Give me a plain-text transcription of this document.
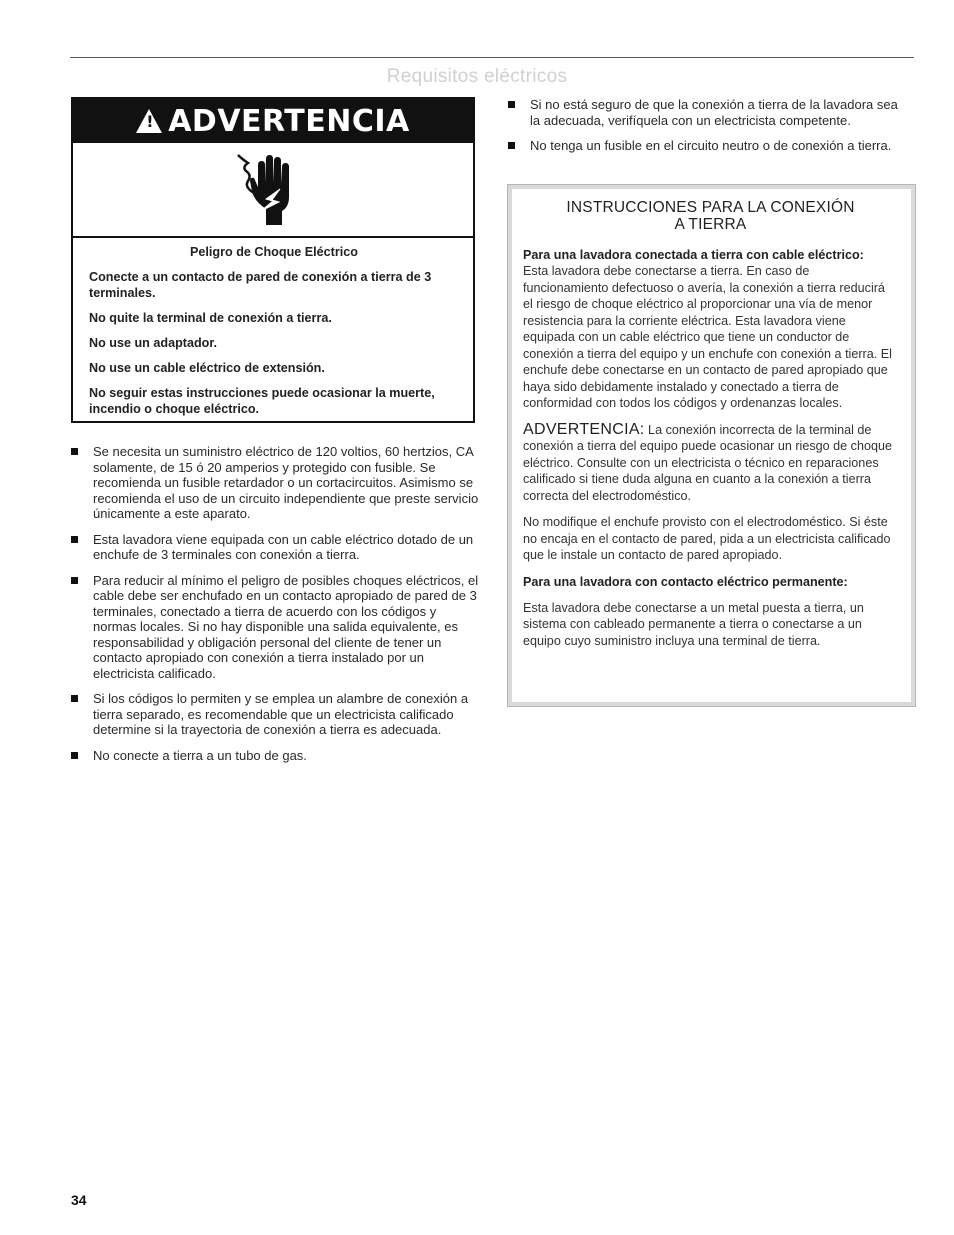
Requisitos eléctricos
! ADVERTENCIA

Peligro de Choque Eléctrico

Conecte a un contacto de pared de conexión a tierra de 3 terminales.

No quite la terminal de conexión a tierra.

No use un adaptador.

No use un cable eléctrico de extensión.

No seguir estas instrucciones puede ocasionar la muerte, incendio o choque eléctrico.

Se necesita un suministro eléctrico de 120 voltios, 60 hertzios, CA solamente, de 15 ó 20 amperios y protegido con fusible. Se recomienda un fusible retardador o un cortacircuitos. Asimismo se recomienda el uso de un circuito independiente que preste servicio únicamente a este aparato.
Esta lavadora viene equipada con un cable eléctrico dotado de un enchufe de 3 terminales con conexión a tierra.
Para reducir al mínimo el peligro de posibles choques eléctricos, el cable debe ser enchufado en un contacto apropiado de pared de 3 terminales, conectado a tierra de acuerdo con los códigos y normas locales. Si no hay disponible una salida equivalente, es responsabilidad y obligación personal del cliente de tener un contacto apropiado con conexión a tierra instalado por un electricista calificado.
Si los códigos lo permiten y se emplea un alambre de conexión a tierra separado, es recomendable que un electricista calificado determine si la trayectoria de conexión a tierra es adecuada.
No conecte a tierra a un tubo de gas.
Si no está seguro de que la conexión a tierra de la lavadora sea la adecuada, verifíquela con un electricista competente.
No tenga un fusible en el circuito neutro o de conexión a tierra.
INSTRUCCIONES PARA LA CONEXIÓN
A TIERRA
Para una lavadora conectada a tierra con cable eléctrico:

Esta lavadora debe conectarse a tierra. En caso de funcionamiento defectuoso o avería, la conexión a tierra reducirá el riesgo de choque eléctrico al proporcionar una vía de menor resistencia para la corriente eléctrica. Esta lavadora viene equipada con un cable eléctrico que tiene un conductor de conexión a tierra del equipo y un enchufe con conexión a tierra. El enchufe debe conectarse en un contacto de pared apropiado que haya sido debidamente instalado y conectado a tierra de conformidad con todos los códigos y ordenanzas locales.

ADVERTENCIA: La conexión incorrecta de la terminal de conexión a tierra del equipo puede ocasionar un riesgo de choque eléctrico. Consulte con un electricista o técnico en reparaciones calificado si tiene duda alguna en cuanto a la conexión a tierra correcta del electrodoméstico.

No modifique el enchufe provisto con el electrodoméstico. Si éste no encaja en el contacto de pared, pida a un electricista calificado que le instale un contacto de pared apropiado.

Para una lavadora con contacto eléctrico permanente:

Esta lavadora debe conectarse a un metal puesta a tierra, un sistema con cableado permanente a tierra o conectarse a un equipo cuyo suministro incluya una terminal de tierra.

34
